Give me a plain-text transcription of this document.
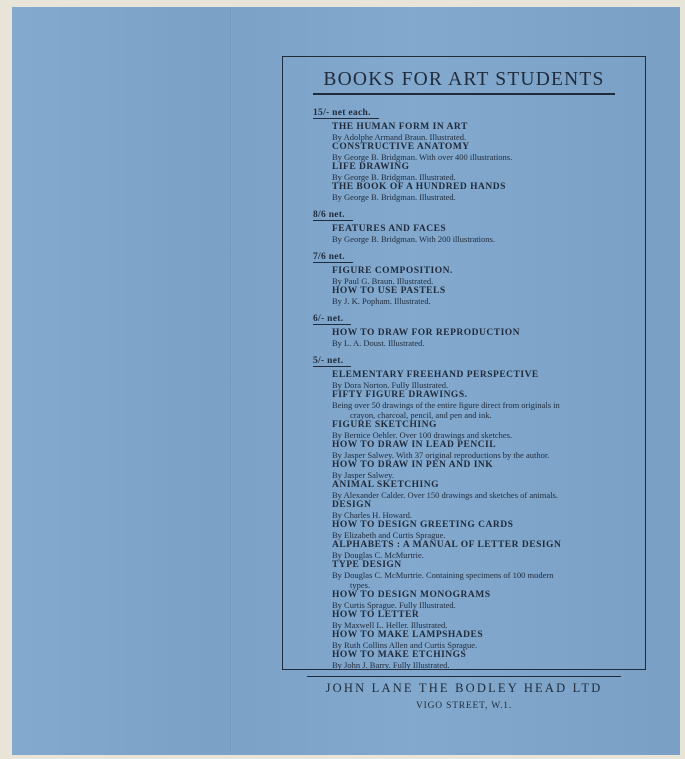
BOOKS FOR ART STUDENTS
15/- net each.
THE HUMAN FORM IN ART
By Adolphe Armand Braun. Illustrated.
CONSTRUCTIVE ANATOMY
By George B. Bridgman. With over 400 illustrations.
LIFE DRAWING
By George B. Bridgman. Illustrated.
THE BOOK OF A HUNDRED HANDS
By George B. Bridgman. Illustrated.
8/6 net.
FEATURES AND FACES
By George B. Bridgman. With 200 illustrations.
7/6 net.
FIGURE COMPOSITION.
By Paul G. Braun. Illustrated.
HOW TO USE PASTELS
By J. K. Popham. Illustrated.
6/- net.
HOW TO DRAW FOR REPRODUCTION
By L. A. Doust. Illustrated.
5/- net.
ELEMENTARY FREEHAND PERSPECTIVE
By Dora Norton. Fully Illustrated.
FIFTY FIGURE DRAWINGS.
Being over 50 drawings of the entire figure direct from originals in
crayon, charcoal, pencil, and pen and ink.
FIGURE SKETCHING
By Bernice Oehler. Over 100 drawings and sketches.
HOW TO DRAW IN LEAD PENCIL
By Jasper Salwey. With 37 original reproductions by the author.
HOW TO DRAW IN PEN AND INK
By Jasper Salwey.
ANIMAL SKETCHING
By Alexander Calder. Over 150 drawings and sketches of animals.
DESIGN
By Charles H. Howard.
HOW TO DESIGN GREETING CARDS
By Elizabeth and Curtis Sprague.
ALPHABETS : A MANUAL OF LETTER DESIGN
By Douglas C. McMurtrie.
TYPE DESIGN
By Douglas C. McMurtrie. Containing specimens of 100 modern
types.
HOW TO DESIGN MONOGRAMS
By Curtis Sprague. Fully Illustrated.
HOW TO LETTER
By Maxwell L. Heller. Illustrated.
HOW TO MAKE LAMPSHADES
By Ruth Collins Allen and Curtis Sprague.
HOW TO MAKE ETCHINGS
By John J. Barry. Fully Illustrated.
JOHN LANE THE BODLEY HEAD LTD
VIGO STREET, W.1.
